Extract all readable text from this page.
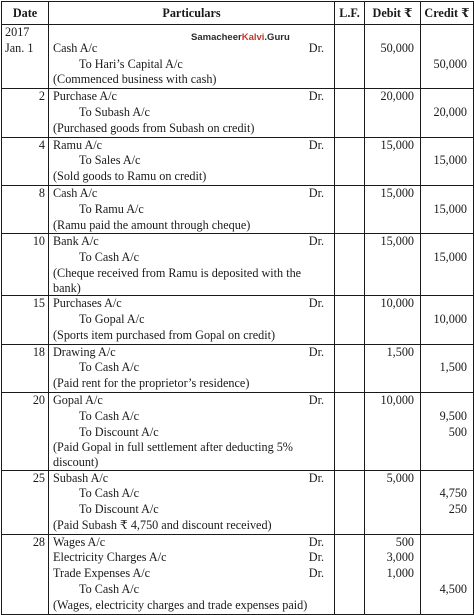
SamacheerKalvi.Guru
Date	Particulars	L.F.	Debit ₹	Credit ₹
2017				
Jan. 1	Cash A/c Dr.		50,000	
	To Hari’s Capital A/c			50,000
	(Commenced business with cash)			
2	Purchase A/c Dr.		20,000	
	To Subash A/c			20,000
	(Purchased goods from Subash on credit)			
4	Ramu A/c Dr.		15,000	
	To Sales A/c			15,000
	(Sold goods to Ramu on credit)			
8	Cash A/c Dr.		15,000	
	To Ramu A/c			15,000
	(Ramu paid the amount through cheque)			
10	Bank A/c Dr.		15,000	
	To Cash A/c			15,000
	(Cheque received from Ramu is deposited with the bank)			
15	Purchases A/c Dr.		10,000	
	To Gopal A/c			10,000
	(Sports item purchased from Gopal on credit)			
18	Drawing A/c Dr.		1,500	
	To Cash A/c			1,500
	(Paid rent for the proprietor’s residence)			
20	Gopal A/c Dr.		10,000	
	To Cash A/c			9,500
	To Discount A/c			500
	(Paid Gopal in full settlement after deducting 5% discount)			
25	Subash A/c Dr.		5,000	
	To Cash A/c			4,750
	To Discount A/c			250
	(Paid Subash ₹ 4,750 and discount received)			
28	Wages A/c Dr.		500	
	Electricity Charges A/c Dr.		3,000	
	Trade Expenses A/c Dr.		1,000	
	To Cash A/c			4,500
	(Wages, electricity charges and trade expenses paid)			
